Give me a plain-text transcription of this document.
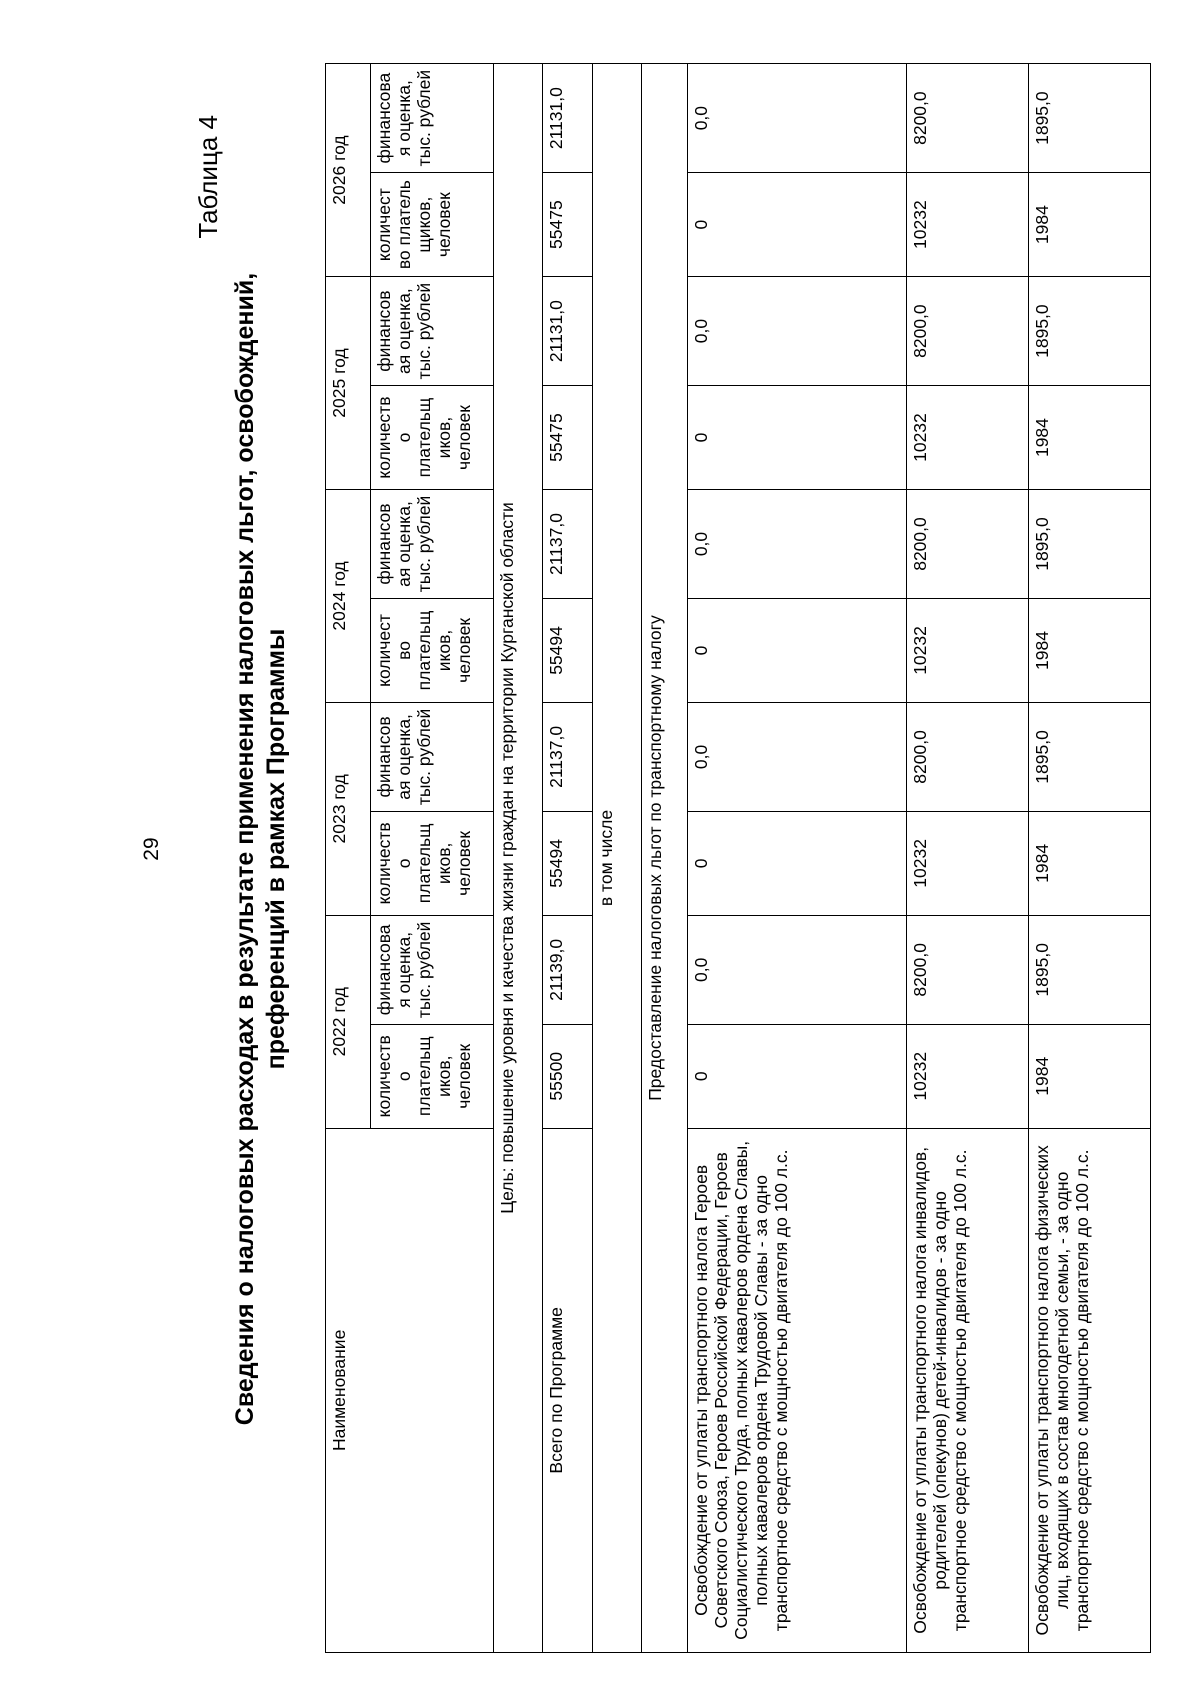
29
Таблица 4
Сведения о налоговых расходах в результате применения налоговых льгот, освобождений, преференций в рамках Программы
Наименование	2022 год		2023 год		2024 год		2025 год		2026 год	
	количеств о плательщ иков, человек	финансова я оценка, тыс. рублей	количеств о плательщ иков, человек	финансов ая оценка, тыс. рублей	количест во плательщ иков, человек	финансов ая оценка, тыс. рублей	количеств о плательщ иков, человек	финансов ая оценка, тыс. рублей	количест во платель щиков, человек	финансова я оценка, тыс. рублей
Цель: повышение уровня и качества жизни граждан на территории Курганской области										
Всего по Программе	55500	21139,0	55494	21137,0	55494	21137,0	55475	21131,0	55475	21131,0
в том числе										
Предоставление налоговых льгот по транспортному налогу										
Освобождение от уплаты транспортного налога Героев Советского Союза, Героев Российской Федерации, Героев Социалистического Труда, полных кавалеров ордена Славы, полных кавалеров ордена Трудовой Славы - за одно транспортное средство с мощностью двигателя до 100 л.с.	0	0,0	0	0,0	0	0,0	0	0,0	0	0,0
Освобождение от уплаты транспортного налога инвалидов, родителей (опекунов) детей-инвалидов - за одно транспортное средство с мощностью двигателя до 100 л.с.	10232	8200,0	10232	8200,0	10232	8200,0	10232	8200,0	10232	8200,0
Освобождение от уплаты транспортного налога физических лиц, входящих в состав многодетной семьи, - за одно транспортное средство с мощностью двигателя до 100 л.с.	1984	1895,0	1984	1895,0	1984	1895,0	1984	1895,0	1984	1895,0
